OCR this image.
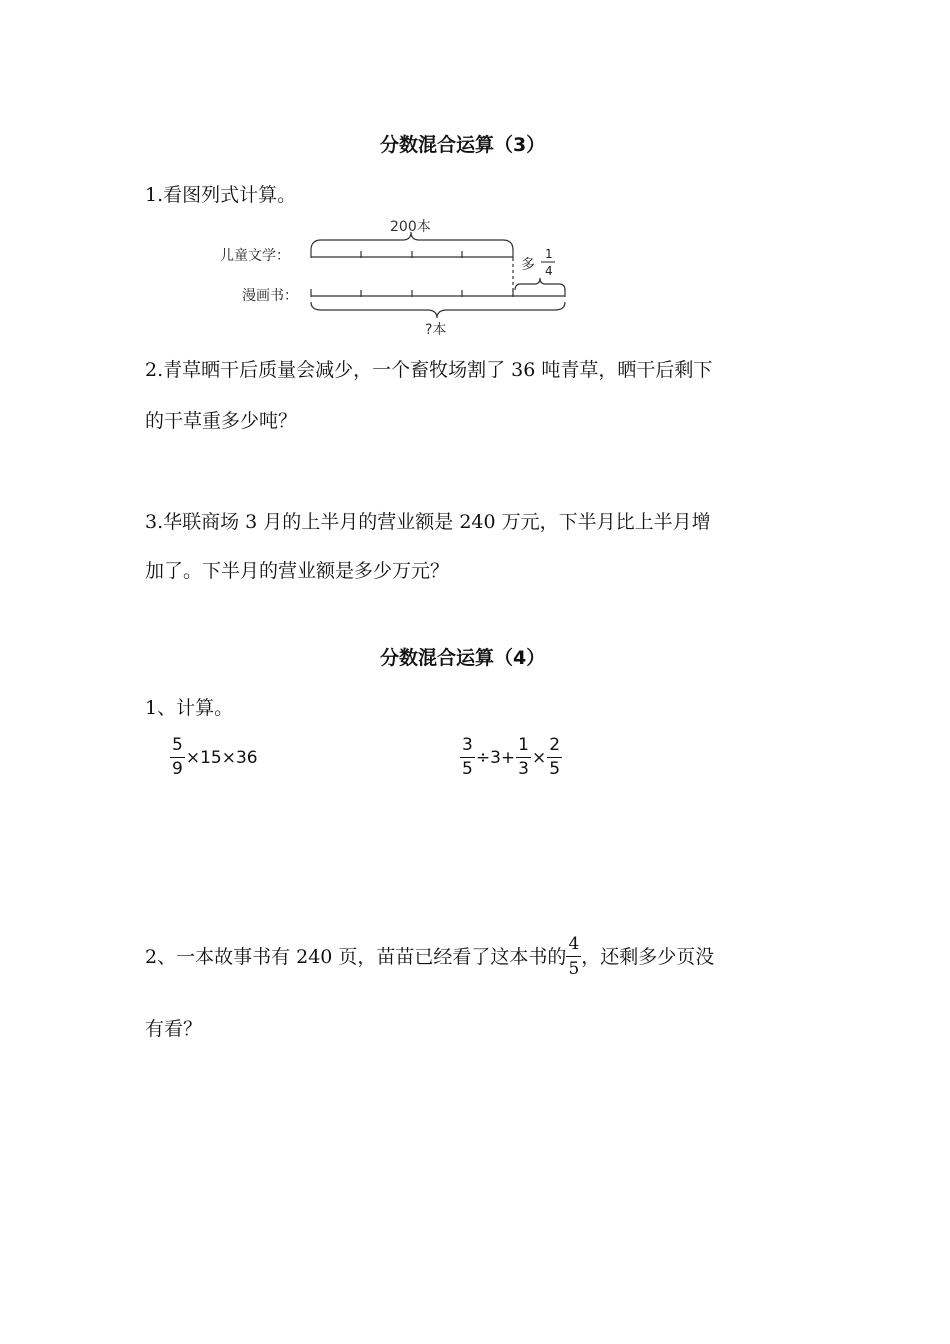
分数混合运算（3）
1.看图列式计算。
200本
儿童文学：
多
1
4
漫画书：
?本
2.青草晒干后质量会减少，一个畜牧场割了 36 吨青草，晒干后剩下
的干草重多少吨？
3.华联商场 3 月的上半月的营业额是 240 万元，下半月比上半月增
加了。下半月的营业额是多少万元？
分数混合运算（4）
1、计算。
$\frac{5}{9} \times 15\times 36$	$\frac{3}{5} \div 3+ \frac{1}{3} \times \frac{2}{5}$
2、一本故事书有 240 页，苗苗已经看了这本书的 $\frac{4}{5}$ ，还剩多少页没
有看？
